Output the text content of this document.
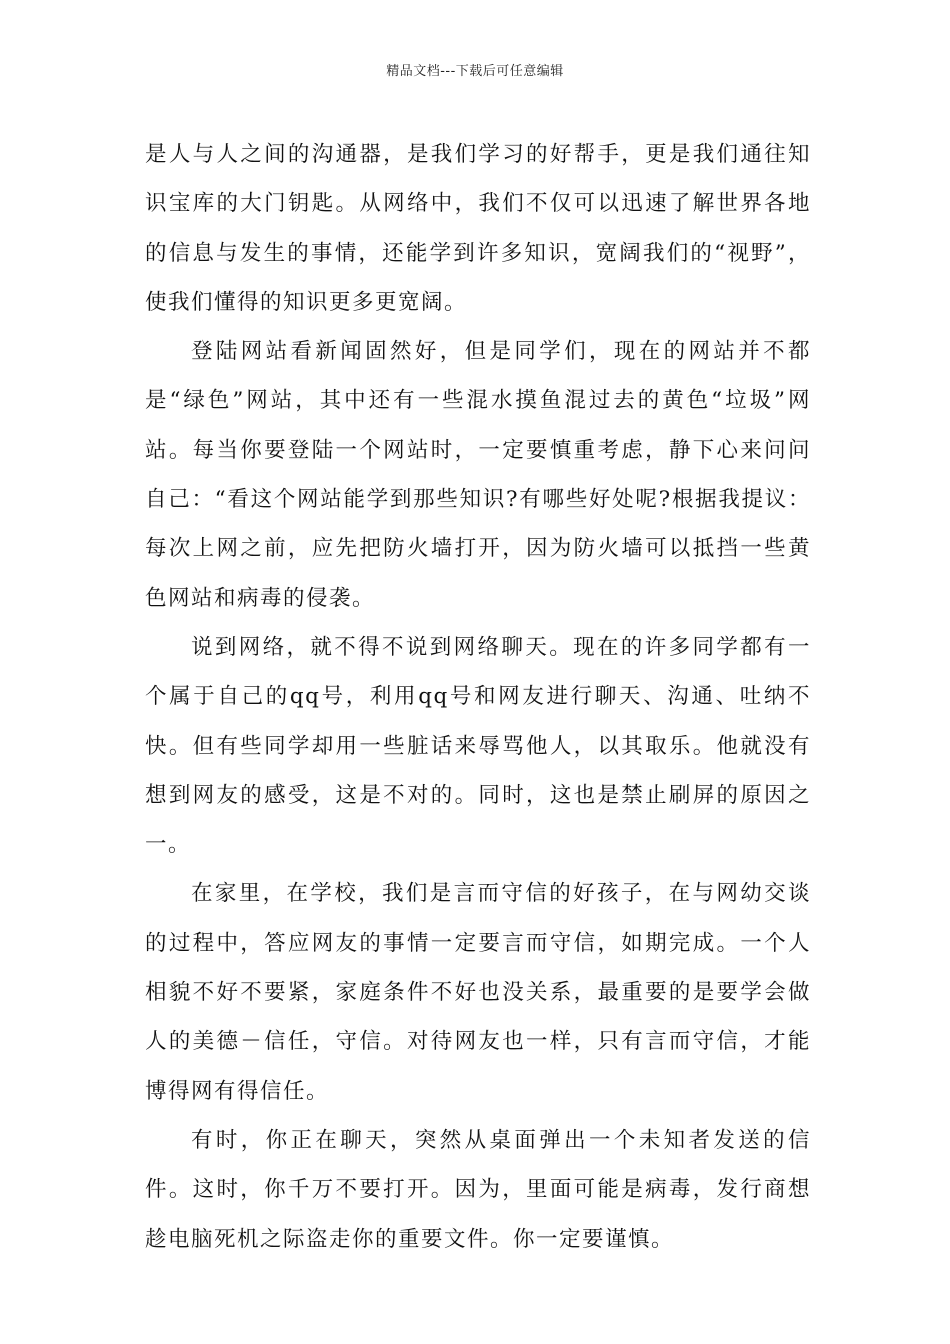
精品文档---下载后可任意编辑

是人与人之间的沟通器，是我们学习的好帮手，更是我们通往知识宝库的大门钥匙。从网络中，我们不仅可以迅速了解世界各地的信息与发生的事情，还能学到许多知识，宽阔我们的“视野”，使我们懂得的知识更多更宽阔。

登陆网站看新闻固然好，但是同学们，现在的网站并不都是“绿色”网站，其中还有一些混水摸鱼混过去的黄色“垃圾”网站。每当你要登陆一个网站时，一定要慎重考虑，静下心来问问自己：“看这个网站能学到那些知识?有哪些好处呢?根据我提议：每次上网之前，应先把防火墙打开，因为防火墙可以抵挡一些黄色网站和病毒的侵袭。

说到网络，就不得不说到网络聊天。现在的许多同学都有一个属于自己的qq号，利用qq号和网友进行聊天、沟通、吐纳不快。但有些同学却用一些脏话来辱骂他人，以其取乐。他就没有想到网友的感受，这是不对的。同时，这也是禁止刷屏的原因之一。

在家里，在学校，我们是言而守信的好孩子，在与网幼交谈的过程中，答应网友的事情一定要言而守信，如期完成。一个人相貌不好不要紧，家庭条件不好也没关系，最重要的是要学会做人的美德－信任，守信。对待网友也一样，只有言而守信，才能博得网有得信任。

有时，你正在聊天，突然从桌面弹出一个未知者发送的信件。这时，你千万不要打开。因为，里面可能是病毒，发行商想趁电脑死机之际盗走你的重要文件。你一定要谨慎。
